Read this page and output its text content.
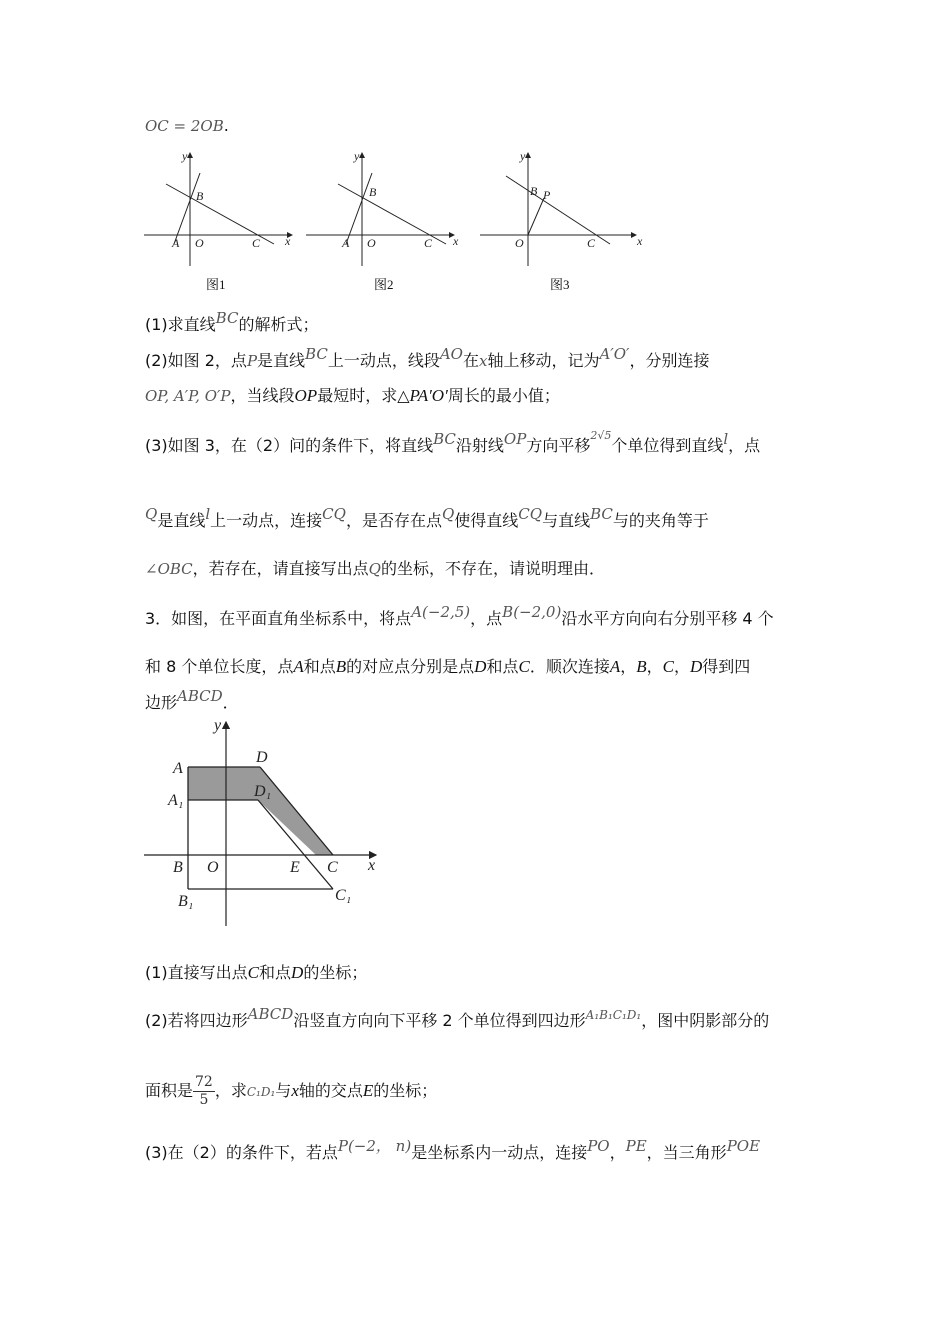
OC = 2OB.
y
x
A O
B
C
y
x
A O
B
C
y
x
O
B P
C
图1	图2	图3
(1)求直线BC的解析式；
(2)如图 2，点P是直线BC上一动点，线段AO在x轴上移动，记为A′O′，分别连接
OP, A′P, O′P，当线段OP最短时，求△PA′O′周长的最小值；
(3)如图 3，在（2）问的条件下，将直线BC沿射线OP方向平移$^{2√5}$个单位得到直线l，点
Q是直线l上一动点，连接CQ，是否存在点Q使得直线CQ与直线BC与的夹角等于
∠OBC，若存在，请直接写出点Q的坐标，不存在，请说明理由．
3．如图，在平面直角坐标系中，将点A(−2,5)，点B(−2,0)沿水平方向向右分别平移 4 个
和 8 个单位长度，点A和点B的对应点分别是点D和点C．顺次连接A，B，C，D得到四
边形ABCD．
y
A
D
A₁
D₁
B O	E C x
C₁
B₁
(1)直接写出点C和点D的坐标；
(2)若将四边形ABCD沿竖直方向向下平移 2 个单位得到四边形$^{A_1B_1C_1D_1}$，图中阴影部分的
面积是 $\frac{72}{5}$ ，求C₁D₁与x轴的交点E的坐标；
(3)在（2）的条件下，若点P(−2， n)是坐标系内一动点，连接PO，PE，当三角形POE
